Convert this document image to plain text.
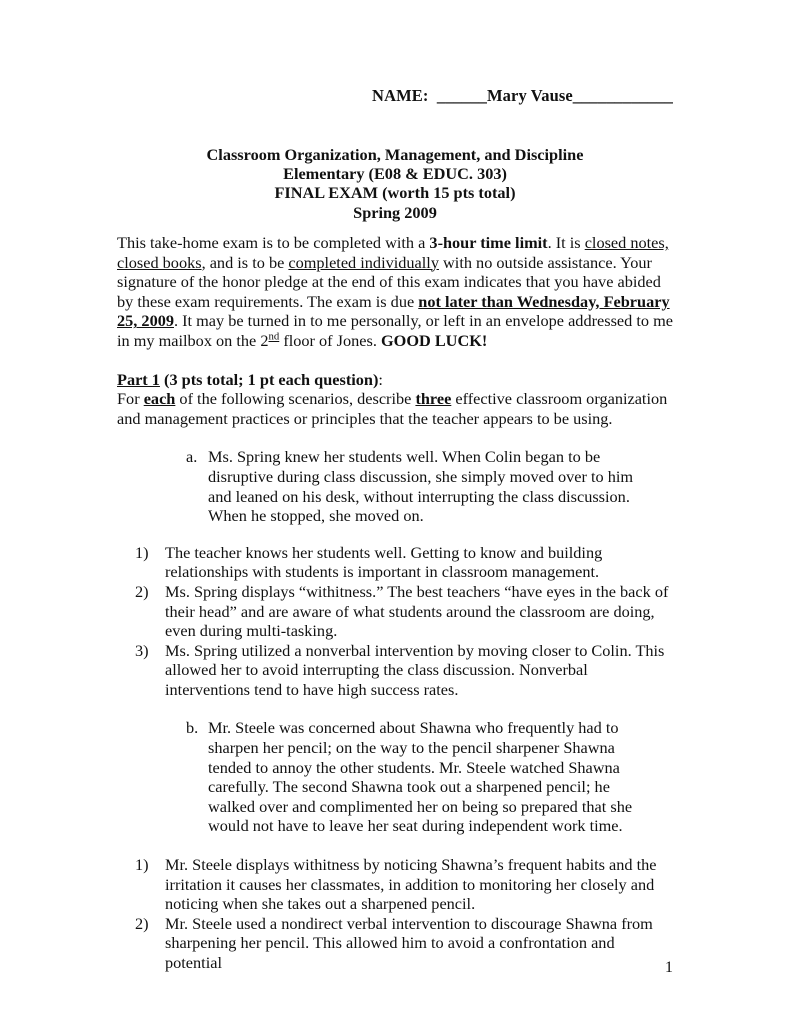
NAME:  ______Mary Vause____________
Classroom Organization, Management, and Discipline
Elementary (E08 & EDUC. 303)
FINAL EXAM (worth 15 pts total)
Spring 2009

This take-home exam is to be completed with a 3-hour time limit. It is closed notes, closed books, and is to be completed individually with no outside assistance. Your signature of the honor pledge at the end of this exam indicates that you have abided by these exam requirements. The exam is due not later than Wednesday, February 25, 2009. It may be turned in to me personally, or left in an envelope addressed to me in my mailbox on the 2nd floor of Jones. GOOD LUCK!

Part 1 (3 pts total; 1 pt each question):

For each of the following scenarios, describe three effective classroom organization and management practices or principles that the teacher appears to be using.

a. Ms. Spring knew her students well. When Colin began to be disruptive during class discussion, she simply moved over to him and leaned on his desk, without interrupting the class discussion. When he stopped, she moved on.
1) The teacher knows her students well. Getting to know and building relationships with students is important in classroom management.
2) Ms. Spring displays “withitness.” The best teachers “have eyes in the back of their head” and are aware of what students around the classroom are doing, even during multi-tasking.
3) Ms. Spring utilized a nonverbal intervention by moving closer to Colin. This allowed her to avoid interrupting the class discussion. Nonverbal interventions tend to have high success rates.
b. Mr. Steele was concerned about Shawna who frequently had to sharpen her pencil; on the way to the pencil sharpener Shawna tended to annoy the other students. Mr. Steele watched Shawna carefully. The second Shawna took out a sharpened pencil; he walked over and complimented her on being so prepared that she would not have to leave her seat during independent work time.
1) Mr. Steele displays withitness by noticing Shawna’s frequent habits and the irritation it causes her classmates, in addition to monitoring her closely and noticing when she takes out a sharpened pencil.
2) Mr. Steele used a nondirect verbal intervention to discourage Shawna from sharpening her pencil. This allowed him to avoid a confrontation and potential	1
